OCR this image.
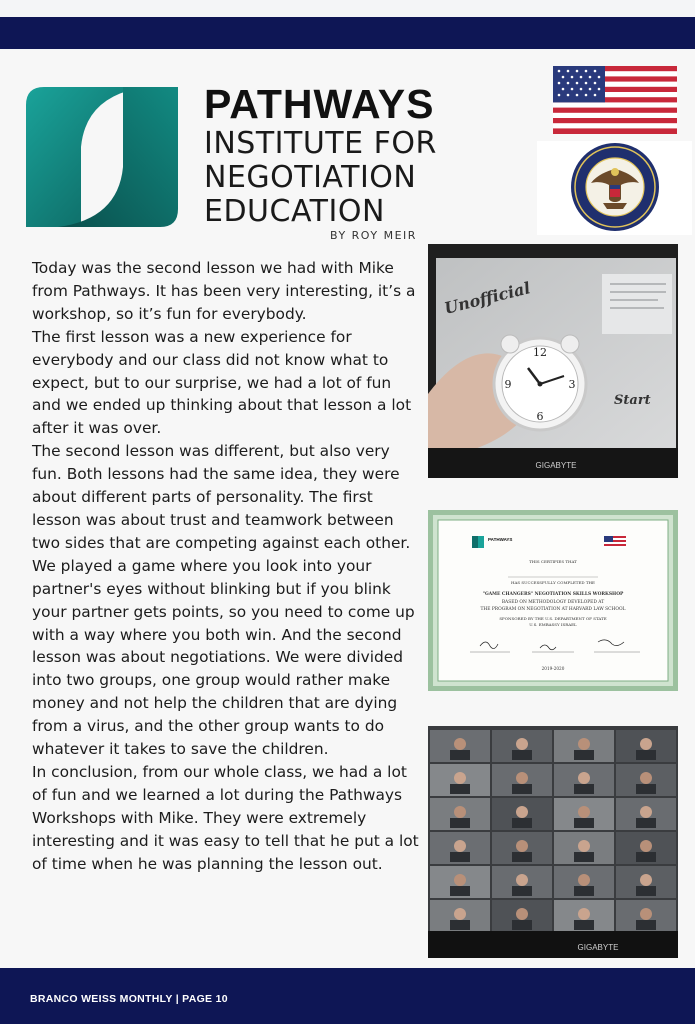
PATHWAYS
INSTITUTE FOR
NEGOTIATION
EDUCATION
BY ROY MEIR

Today was the second lesson we had with Mike from Pathways. It has been very interesting, it’s a workshop, so it’s fun for everybody.

The first lesson was a new experience for everybody and our class did not know what to expect, but to our surprise, we had a lot of fun and we ended up thinking about that lesson a lot after it was over.

The second lesson was different, but also very fun. Both lessons had the same idea, they were about different parts of personality. The first lesson was about trust and teamwork between two sides that are competing against each other. We played a game where you look into your partner's eyes without blinking but if you blink your partner gets points, so you need to come up with a way where you both win. And the second lesson was about negotiations. We were divided into two groups, one group would rather make money and not help the children that are dying from a virus, and the other group wants to do whatever it takes to save the children.

In conclusion, from our whole class, we had a lot of fun and we learned a lot during the Pathways Workshops with Mike. They were extremely interesting and it was easy to tell that he put a lot of time when he was planning the lesson out.

12
6
3
9
Unofficial
Start
GIGABYTE
PATHWAYS
THIS CERTIFIES THAT
HAS SUCCESSFULLY COMPLETED THE
"GAME CHANGERS" NEGOTIATION SKILLS WORKSHOP
BASED ON METHODOLOGY DEVELOPED AT
THE PROGRAM ON NEGOTIATION AT HARVARD LAW SCHOOL
SPONSORED BY THE U.S. DEPARTMENT OF STATE
U.S. EMBASSY ISRAEL
2019-2020
GIGABYTE
BRANCO WEISS MONTHLY | PAGE 10
